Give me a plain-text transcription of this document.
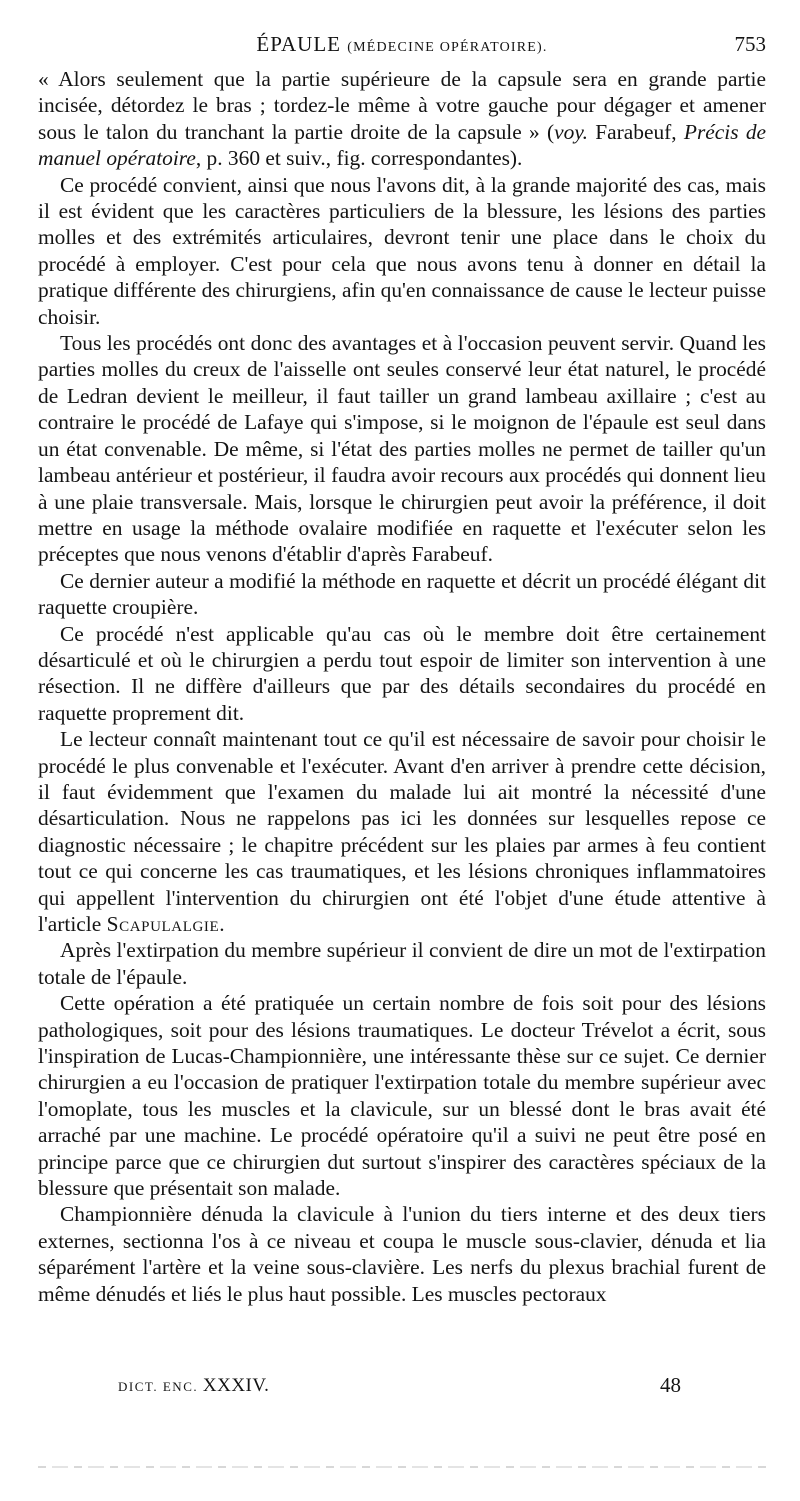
ÉPAULE (MÉDECINE OPÉRATOIRE).	753

« Alors seulement que la partie supérieure de la capsule sera en grande partie incisée, détordez le bras ; tordez-le même à votre gauche pour dégager et amener sous le talon du tranchant la partie droite de la capsule » (voy. Farabeuf, Précis de manuel opératoire, p. 360 et suiv., fig. correspondantes).

Ce procédé convient, ainsi que nous l'avons dit, à la grande majorité des cas, mais il est évident que les caractères particuliers de la blessure, les lésions des parties molles et des extrémités articulaires, devront tenir une place dans le choix du procédé à employer. C'est pour cela que nous avons tenu à donner en détail la pratique différente des chirurgiens, afin qu'en connaissance de cause le lecteur puisse choisir.

Tous les procédés ont donc des avantages et à l'occasion peuvent servir. Quand les parties molles du creux de l'aisselle ont seules conservé leur état naturel, le procédé de Ledran devient le meilleur, il faut tailler un grand lambeau axillaire ; c'est au contraire le procédé de Lafaye qui s'impose, si le moignon de l'épaule est seul dans un état convenable. De même, si l'état des parties molles ne permet de tailler qu'un lambeau antérieur et postérieur, il faudra avoir recours aux procédés qui donnent lieu à une plaie transversale. Mais, lorsque le chirurgien peut avoir la préférence, il doit mettre en usage la méthode ovalaire modifiée en raquette et l'exécuter selon les préceptes que nous venons d'établir d'après Farabeuf.

Ce dernier auteur a modifié la méthode en raquette et décrit un procédé élégant dit raquette croupière.

Ce procédé n'est applicable qu'au cas où le membre doit être certainement désarticulé et où le chirurgien a perdu tout espoir de limiter son intervention à une résection. Il ne diffère d'ailleurs que par des détails secondaires du procédé en raquette proprement dit.

Le lecteur connaît maintenant tout ce qu'il est nécessaire de savoir pour choisir le procédé le plus convenable et l'exécuter. Avant d'en arriver à prendre cette décision, il faut évidemment que l'examen du malade lui ait montré la nécessité d'une désarticulation. Nous ne rappelons pas ici les données sur lesquelles repose ce diagnostic nécessaire ; le chapitre précédent sur les plaies par armes à feu contient tout ce qui concerne les cas traumatiques, et les lésions chroniques inflammatoires qui appellent l'intervention du chirurgien ont été l'objet d'une étude attentive à l'article Scapulalgie.

Après l'extirpation du membre supérieur il convient de dire un mot de l'extirpation totale de l'épaule.

Cette opération a été pratiquée un certain nombre de fois soit pour des lésions pathologiques, soit pour des lésions traumatiques. Le docteur Trévelot a écrit, sous l'inspiration de Lucas-Championnière, une intéressante thèse sur ce sujet. Ce dernier chirurgien a eu l'occasion de pratiquer l'extirpation totale du membre supérieur avec l'omoplate, tous les muscles et la clavicule, sur un blessé dont le bras avait été arraché par une machine. Le procédé opératoire qu'il a suivi ne peut être posé en principe parce que ce chirurgien dut surtout s'inspirer des caractères spéciaux de la blessure que présentait son malade.

Championnière dénuda la clavicule à l'union du tiers interne et des deux tiers externes, sectionna l'os à ce niveau et coupa le muscle sous-clavier, dénuda et lia séparément l'artère et la veine sous-clavière. Les nerfs du plexus brachial furent de même dénudés et liés le plus haut possible. Les muscles pectoraux

DICT. ENC. XXXIV.	48
